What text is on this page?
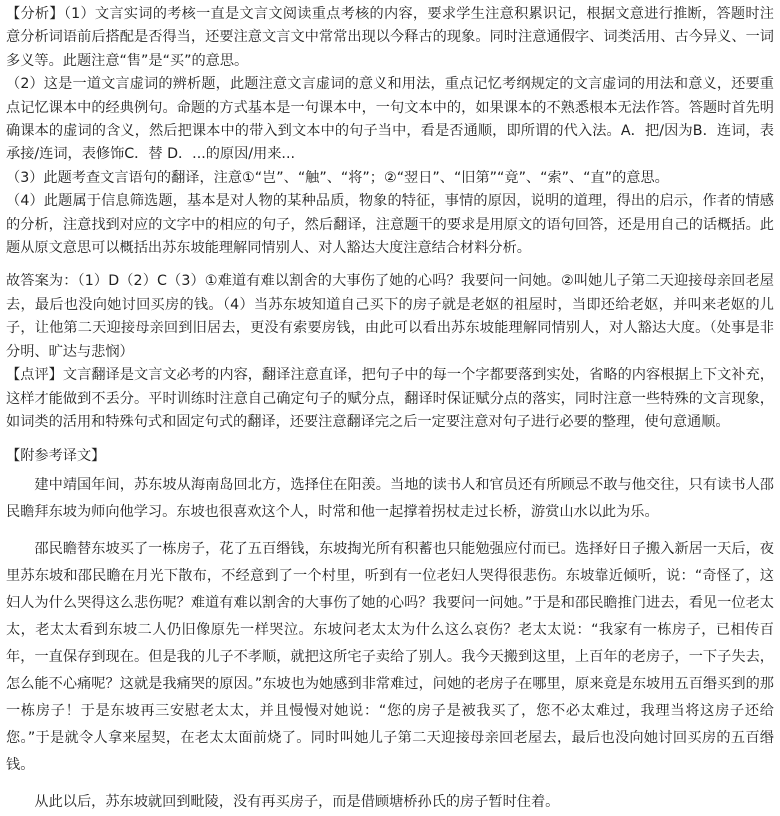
【分析】（1）文言实词的考核一直是文言文阅读重点考核的内容，要求学生注意积累识记，根据文意进行推断，答题时注意分析词语前后搭配是否得当，还要注意文言文中常常出现以今释古的现象。同时注意通假字、词类活用、古今异义、一词多义等。此题注意“售”是“买”的意思。

（2）这是一道文言虚词的辨析题，此题注意文言虚词的意义和用法，重点记忆考纲规定的文言虚词的用法和意义，还要重点记忆课本中的经典例句。命题的方式基本是一句课本中，一句文本中的，如果课本的不熟悉根本无法作答。答题时首先明确课本的虚词的含义，然后把课本中的带入到文本中的句子当中，看是否通顺，即所谓的代入法。A．把/因为B．连词，表承接/连词，表修饰C．替 D．...的原因/用来...

（3）此题考查文言语句的翻译，注意①“岂”、“触”、“将”；②“翌日”、“旧第”“竟”、“索”、“直”的意思。

（4）此题属于信息筛选题，基本是对人物的某种品质，物象的特征，事情的原因，说明的道理，得出的启示，作者的情感的分析，注意找到对应的文字中的相应的句子，然后翻译，注意题干的要求是用原文的语句回答，还是用自己的话概括。此题从原文意思可以概括出苏东坡能理解同情别人、对人豁达大度注意结合材料分析。

故答案为：（1）D（2）C（3）①难道有难以割舍的大事伤了她的心吗？我要问一问她。②叫她儿子第二天迎接母亲回老屋去，最后也没向她讨回买房的钱。（4）当苏东坡知道自己买下的房子就是老妪的祖屋时，当即还给老妪，并叫来老妪的儿子，让他第二天迎接母亲回到旧居去，更没有索要房钱，由此可以看出苏东坡能理解同情别人，对人豁达大度。（处事是非分明、旷达与悲悯）

【点评】文言翻译是文言文必考的内容，翻译注意直译，把句子中的每一个字都要落到实处，省略的内容根据上下文补充，这样才能做到不丢分。平时训练时注意自己确定句子的赋分点，翻译时保证赋分点的落实，同时注意一些特殊的文言现象，如词类的活用和特殊句式和固定句式的翻译，还要注意翻译完之后一定要注意对句子进行必要的整理，使句意通顺。

【附参考译文】

建中靖国年间，苏东坡从海南岛回北方，选择住在阳羡。当地的读书人和官员还有所顾忌不敢与他交往，只有读书人邵民瞻拜东坡为师向他学习。东坡也很喜欢这个人，时常和他一起撑着拐杖走过长桥，游赏山水以此为乐。

邵民瞻替东坡买了一栋房子，花了五百缗钱，东坡掏光所有积蓄也只能勉强应付而已。选择好日子搬入新居一天后，夜里苏东坡和邵民瞻在月光下散布，不经意到了一个村里，听到有一位老妇人哭得很悲伤。东坡靠近倾听，说：“奇怪了，这妇人为什么哭得这么悲伤呢？难道有难以割舍的大事伤了她的心吗？我要问一问她。”于是和邵民瞻推门进去，看见一位老太太，老太太看到东坡二人仍旧像原先一样哭泣。东坡问老太太为什么这么哀伤？老太太说：“我家有一栋房子，已相传百年，一直保存到现在。但是我的儿子不孝顺，就把这所宅子卖给了别人。我今天搬到这里，上百年的老房子，一下子失去，怎么能不心痛呢？这就是我痛哭的原因。”东坡也为她感到非常难过，问她的老房子在哪里，原来竟是东坡用五百缗买到的那一栋房子！于是东坡再三安慰老太太，并且慢慢对她说：“您的房子是被我买了，您不必太难过，我理当将这房子还给您。”于是就令人拿来屋契，在老太太面前烧了。同时叫她儿子第二天迎接母亲回老屋去，最后也没向她讨回买房的五百缗钱。

从此以后，苏东坡就回到毗陵，没有再买房子，而是借顾塘桥孙氏的房子暂时住着。
